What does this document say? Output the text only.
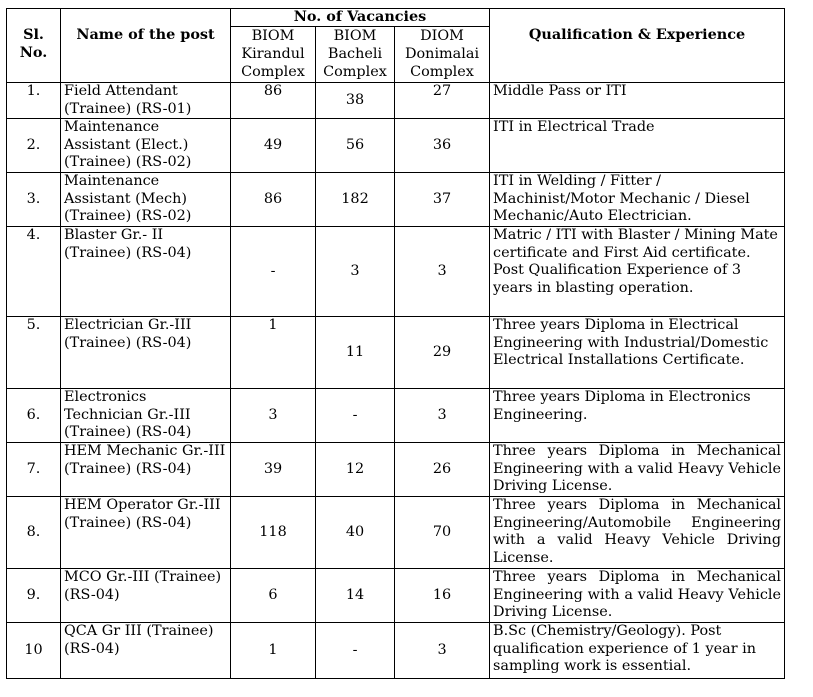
Sl. No.	Name of the post	No. of Vacancies			Qualification & Experience
		BIOM Kirandul Complex	BIOM Bacheli Complex	DIOM Donimalai Complex	
1.	Field Attendant (Trainee) (RS-01)	86	38	27	Middle Pass or ITI
2.	Maintenance Assistant (Elect.) (Trainee) (RS-02)	49	56	36	ITI in Electrical Trade
3.	Maintenance Assistant (Mech) (Trainee) (RS-02)	86	182	37	ITI in Welding / Fitter / Machinist/Motor Mechanic / Diesel Mechanic/Auto Electrician.
4.	Blaster Gr.- II (Trainee) (RS-04)	-	3	3	Matric / ITI with Blaster / Mining Mate certificate and First Aid certificate. Post Qualification Experience of 3 years in blasting operation.
5.	Electrician Gr.-III (Trainee) (RS-04)	1	11	29	Three years Diploma in Electrical Engineering with Industrial/Domestic Electrical Installations Certificate.
6.	Electronics Technician Gr.-III (Trainee) (RS-04)	3	-	3	Three years Diploma in Electronics Engineering.
7.	HEM Mechanic Gr.-III (Trainee) (RS-04)	39	12	26	Three years Diploma in Mechanical Engineering with a valid Heavy Vehicle Driving License.
8.	HEM Operator Gr.-III (Trainee) (RS-04)	118	40	70	Three years Diploma in Mechanical Engineering/Automobile Engineering with a valid Heavy Vehicle Driving License.
9.	MCO Gr.-III (Trainee) (RS-04)	6	14	16	Three years Diploma in Mechanical Engineering with a valid Heavy Vehicle Driving License.
10	QCA Gr III (Trainee) (RS-04)	1	-	3	B.Sc (Chemistry/Geology). Post qualification experience of 1 year in sampling work is essential.
